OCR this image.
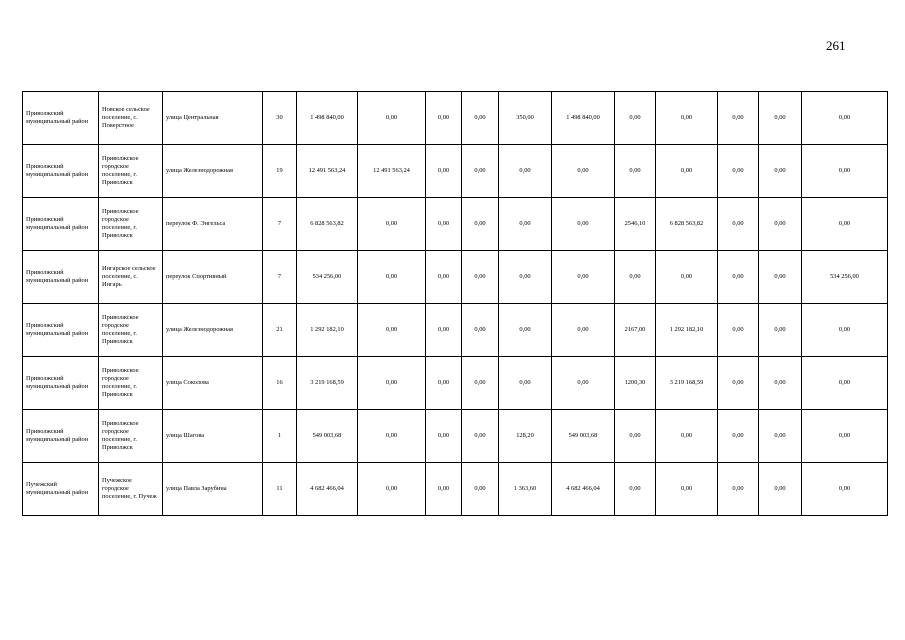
261
Приволжский муниципальный район	Новское сельское поселение, с. Поверстное	улица Центральная	30	1 498 840,00	0,00	0,00	0,00	350,00	1 498 840,00	0,00	0,00	0,00	0,00	0,00
Приволжский муниципальный район	Приволжское городское поселение, г. Приволжск	улица Железнодорожная	19	12 491 563,24	12 491 563,24	0,00	0,00	0,00	0,00	0,00	0,00	0,00	0,00	0,00
Приволжский муниципальный район	Приволжское городское поселение, г. Приволжск	переулок Ф. Энгельса	7	6 828 563,82	0,00	0,00	0,00	0,00	0,00	2546,10	6 828 563,82	0,00	0,00	0,00
Приволжский муниципальный район	Ингарское сельское поселение, с. Ингарь	переулок Спортивный	7	534 256,00	0,00	0,00	0,00	0,00	0,00	0,00	0,00	0,00	0,00	534 256,00
Приволжский муниципальный район	Приволжское городское поселение, г. Приволжск	улица Железнодорожная	21	1 292 182,10	0,00	0,00	0,00	0,00	0,00	2167,00	1 292 182,10	0,00	0,00	0,00
Приволжский муниципальный район	Приволжское городское поселение, г. Приволжск	улица Соколова	16	3 219 168,59	0,00	0,00	0,00	0,00	0,00	1200,30	3 219 168,59	0,00	0,00	0,00
Приволжский муниципальный район	Приволжское городское поселение, г. Приволжск	улица Шагова	1	549 003,68	0,00	0,00	0,00	128,20	549 003,68	0,00	0,00	0,00	0,00	0,00
Пучежский муниципальный район	Пучежское городское поселение, г. Пучеж	улица Павла Зарубина	11	4 682 466,04	0,00	0,00	0,00	1 363,60	4 682 466,04	0,00	0,00	0,00	0,00	0,00
